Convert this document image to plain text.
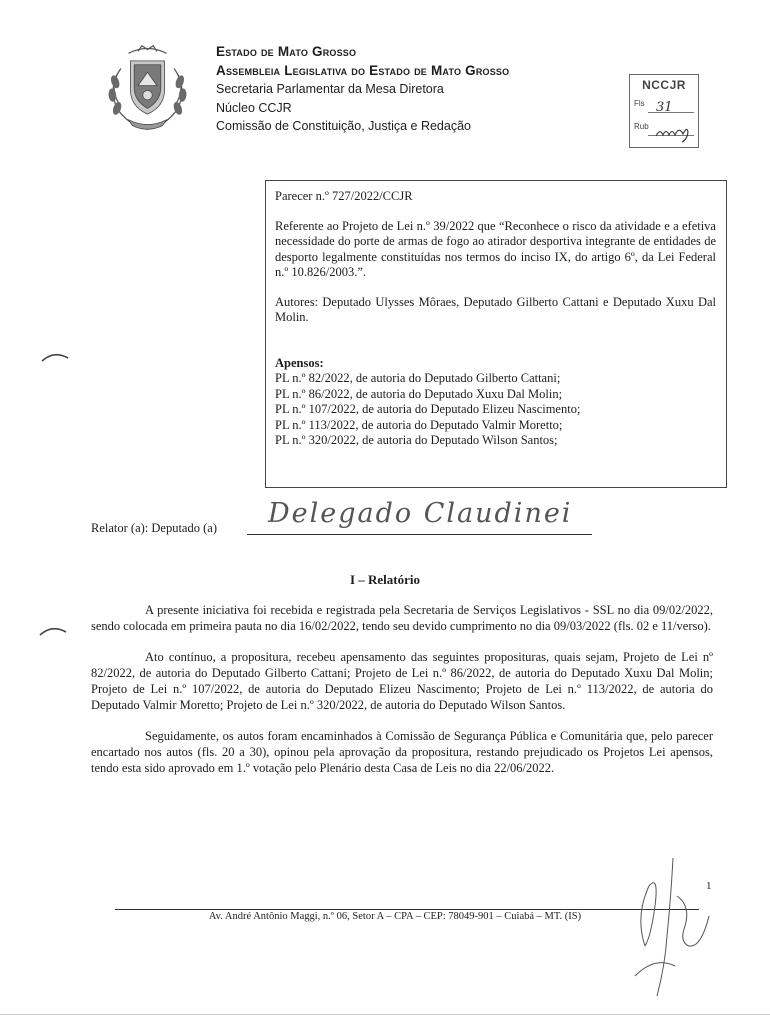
Estado de Mato Grosso
Assembleia Legislativa do Estado de Mato Grosso
Secretaria Parlamentar da Mesa Diretora
Núcleo CCJR
Comissão de Constituição, Justiça e Redação
NCCJR
Fls 31
Rub

Parecer n.º 727/2022/CCJR

Referente ao Projeto de Lei n.º 39/2022 que “Reconhece o risco da atividade e a efetiva necessidade do porte de armas de fogo ao atirador desportiva integrante de entidades de desporto legalmente constituídas nos termos do inciso IX, do artigo 6º, da Lei Federal n.º 10.826/2003.”.

Autores: Deputado Ulysses Môraes, Deputado Gilberto Cattani e Deputado Xuxu Dal Molin.

Apensos:

PL n.º 82/2022, de autoria do Deputado Gilberto Cattani;
PL n.º 86/2022, de autoria do Deputado Xuxu Dal Molin;
PL n.º 107/2022, de autoria do Deputado Elizeu Nascimento;
PL n.º 113/2022, de autoria do Deputado Valmir Moretto;
PL n.º 320/2022, de autoria do Deputado Wilson Santos;
Relator (a): Deputado (a) Delegado Claudinei
I – Relatório

A presente iniciativa foi recebida e registrada pela Secretaria de Serviços Legislativos - SSL no dia 09/02/2022, sendo colocada em primeira pauta no dia 16/02/2022, tendo seu devido cumprimento no dia 09/03/2022 (fls. 02 e 11/verso).

Ato contínuo, a propositura, recebeu apensamento das seguintes proposituras, quais sejam, Projeto de Lei nº 82/2022, de autoria do Deputado Gilberto Cattani; Projeto de Lei n.º 86/2022, de autoria do Deputado Xuxu Dal Molin; Projeto de Lei n.º 107/2022, de autoria do Deputado Elizeu Nascimento; Projeto de Lei n.º 113/2022, de autoria do Deputado Valmir Moretto; Projeto de Lei n.º 320/2022, de autoria do Deputado Wilson Santos.

Seguidamente, os autos foram encaminhados à Comissão de Segurança Pública e Comunitária que, pelo parecer encartado nos autos (fls. 20 a 30), opinou pela aprovação da propositura, restando prejudicado os Projetos Lei apensos, tendo esta sido aprovado em 1.º votação pelo Plenário desta Casa de Leis no dia 22/06/2022.

1
Av. André Antônio Maggi, n.º 06, Setor A – CPA – CEP: 78049-901 – Cuiabá – MT. (IS)
